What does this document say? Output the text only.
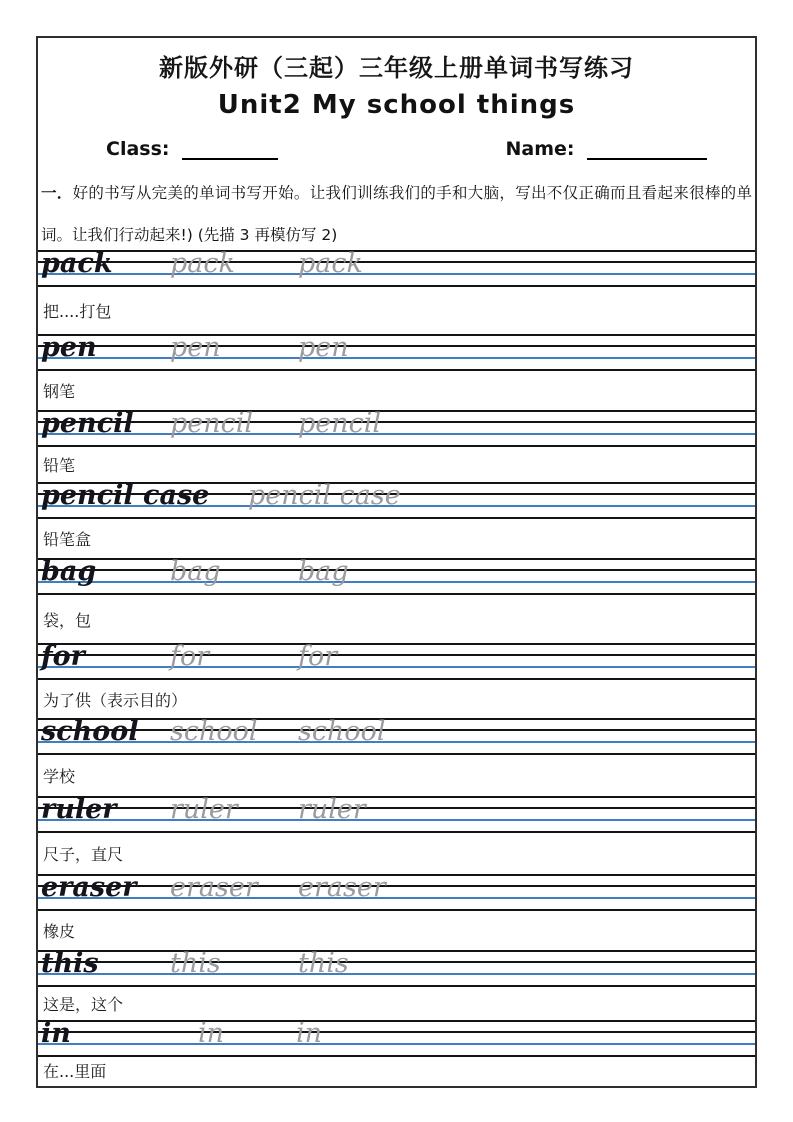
新版外研（三起）三年级上册单词书写练习
Unit2 My school things
Class:	Name:
一．好的书写从完美的单词书写开始。让我们训练我们的手和大脑，写出不仅正确而且看起来很棒的单词。让我们行动起来!) (先描 3 再模仿写 2)
pack pack pack
把....打包
pen	pen	pen
钢笔
pencil pencil pencil
铅笔
pencil case pencil case
铅笔盒
bag	bag	bag
袋，包
for	for	for
为了供（表示目的）
school school school
学校
ruler ruler ruler
尺子，直尺
eraser eraser eraser
橡皮
this	this	this
这是，这个
in	in	in
在...里面
